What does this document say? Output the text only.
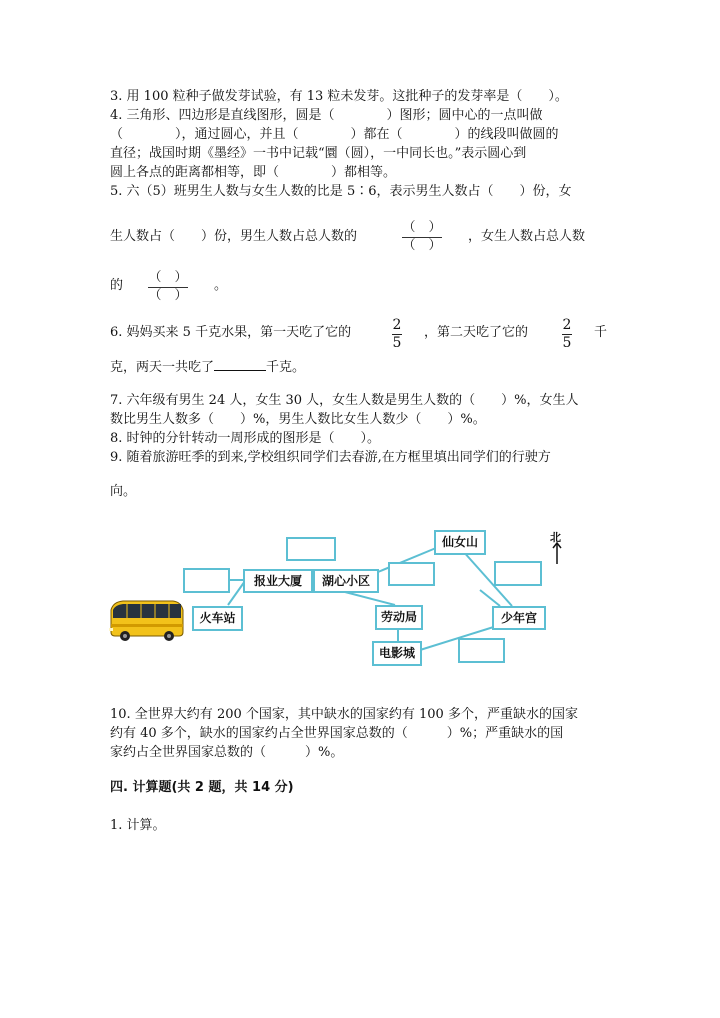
3. 用 100 粒种子做发芽试验，有 13 粒未发芽。这批种子的发芽率是（　　）。
4. 三角形、四边形是直线图形，圆是（　　　　）图形；圆中心的一点叫做
（　　　　），通过圆心，并且（　　　　）都在（　　　　）的线段叫做圆的
直径；战国时期《墨经》一书中记载“圜（圆），一中同长也。”表示圆心到
圆上各点的距离都相等，即（　　　　）都相等。
5. 六（5）班男生人数与女生人数的比是 5∶6，表示男生人数占（　　）份，女
生人数占（　　）份，男生人数占总人数的
（　）
（　）
，女生人数占总人数
的
（　）
（　）
。
6. 妈妈买来 5 千克水果，第一天吃了它的	2
5
，第二天吃了它的 2
5
千
克，两天一共吃了	千克。
7. 六年级有男生 24 人，女生 30 人，女生人数是男生人数的（　　）%，女生人
数比男生人数多（　　）%，男生人数比女生人数少（　　）%。
8. 时钟的分针转动一周形成的图形是（　　）。
9. 随着旅游旺季的到来,学校组织同学们去春游,在方框里填出同学们的行驶方
向。
北
报业大厦	湖心小区
火车站	劳动局
电影城
仙女山
少年宫
10. 全世界大约有 200 个国家，其中缺水的国家约有 100 多个，严重缺水的国家
约有 40 多个，缺水的国家约占全世界国家总数的（　　　）%；严重缺水的国
家约占全世界国家总数的（　　　）%。
四. 计算题(共 2 题，共 14 分)
1. 计算。
